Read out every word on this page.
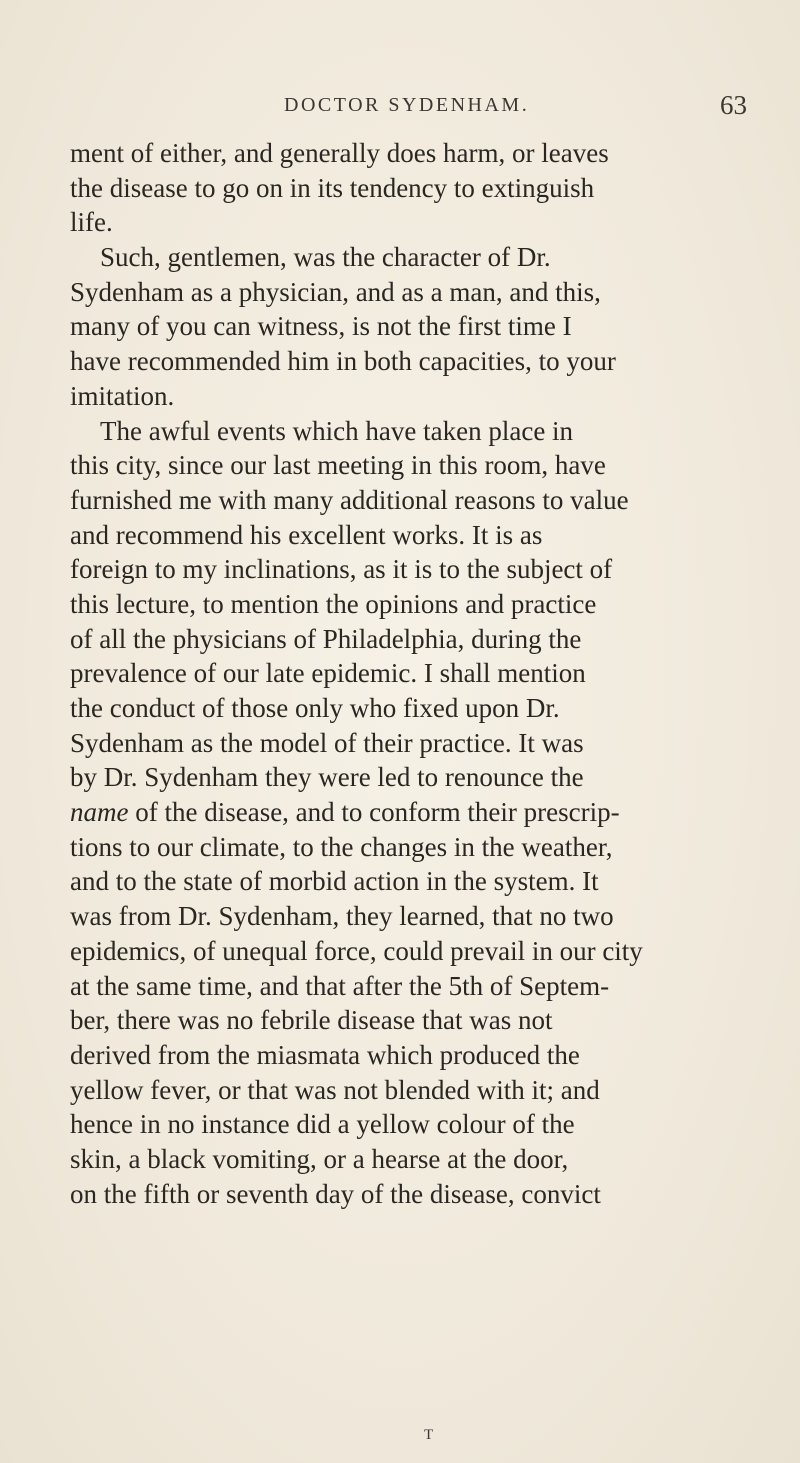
DOCTOR SYDENHAM.	63
ment of either, and generally does harm, or leaves
the disease to go on in its tendency to extinguish
life.
Such, gentlemen, was the character of Dr.
Sydenham as a physician, and as a man, and this,
many of you can witness, is not the first time I
have recommended him in both capacities, to your
imitation.
The awful events which have taken place in
this city, since our last meeting in this room, have
furnished me with many additional reasons to value
and recommend his excellent works. It is as
foreign to my inclinations, as it is to the subject of
this lecture, to mention the opinions and practice
of all the physicians of Philadelphia, during the
prevalence of our late epidemic. I shall mention
the conduct of those only who fixed upon Dr.
Sydenham as the model of their practice. It was
by Dr. Sydenham they were led to renounce the
name of the disease, and to conform their prescrip-
tions to our climate, to the changes in the weather,
and to the state of morbid action in the system. It
was from Dr. Sydenham, they learned, that no two
epidemics, of unequal force, could prevail in our city
at the same time, and that after the 5th of Septem-
ber, there was no febrile disease that was not
derived from the miasmata which produced the
yellow fever, or that was not blended with it; and
hence in no instance did a yellow colour of the
skin, a black vomiting, or a hearse at the door,
on the fifth or seventh day of the disease, convict
T
